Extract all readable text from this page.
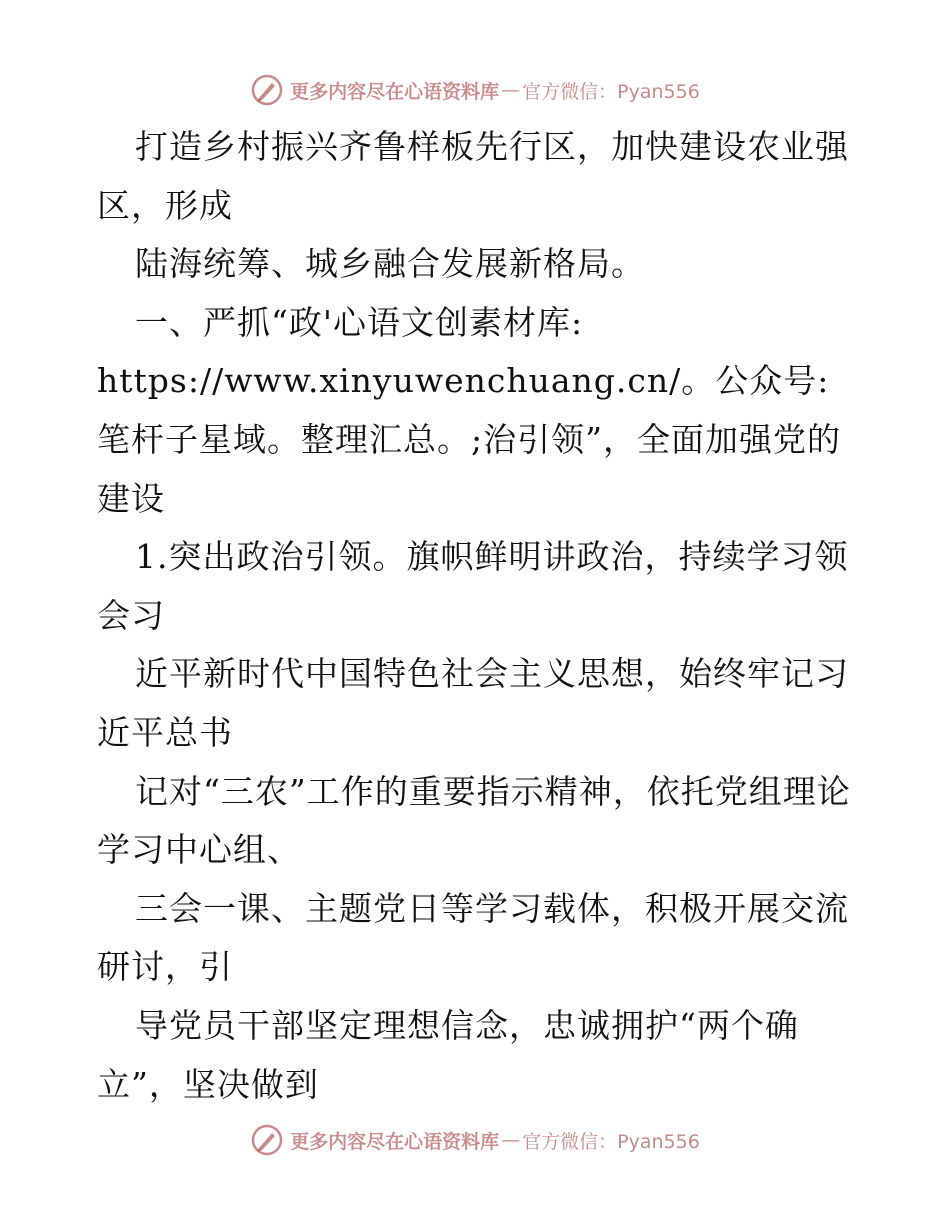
更多内容尽在心语资料库 — 官方微信：Pyan556

打造乡村振兴齐鲁样板先行区，加快建设农业强区，形成

陆海统筹、城乡融合发展新格局。

一、严抓“政'心语文创素材库: https://www.xinyuwenchuang.cn/。公众号: 笔杆子星域。整理汇总。;治引领”，全面加强党的建设

1.突出政治引领。旗帜鲜明讲政治，持续学习领会习

近平新时代中国特色社会主义思想，始终牢记习近平总书

记对“三农”工作的重要指示精神，依托党组理论学习中心组、

三会一课、主题党日等学习载体，积极开展交流研讨，引

导党员干部坚定理想信念，忠诚拥护“两个确立”，坚决做到

更多内容尽在心语资料库 — 官方微信：Pyan556
